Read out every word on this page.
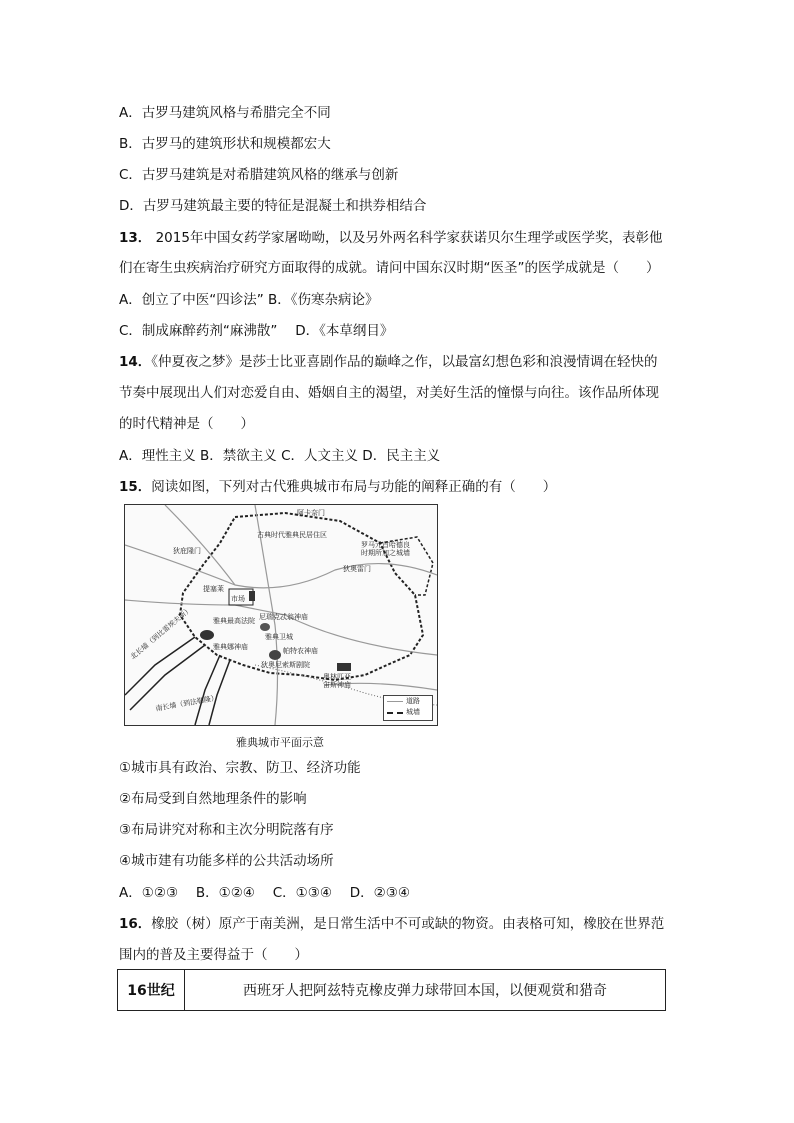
A．古罗马建筑风格与希腊完全不同
B．古罗马的建筑形状和规模都宏大
C．古罗马建筑是对希腊建筑风格的继承与创新
D．古罗马建筑最主要的特征是混凝土和拱券相结合
13． 2015年中国女药学家屠呦呦，以及另外两名科学家获诺贝尔生理学或医学奖，表彰他
们在寄生虫疾病治疗研究方面取得的成就。请问中国东汉时期“医圣”的医学成就是（　　）
A．创立了中医“四诊法” B．《伤寒杂病论》
C．制成麻醉药剂“麻沸散”　 D．《本草纲目》
14．《仲夏夜之梦》是莎士比亚喜剧作品的巅峰之作，以最富幻想色彩和浪漫情调在轻快的
节奏中展现出人们对恋爱自由、婚姻自主的渴望，对美好生活的憧憬与向往。该作品所体现
的时代精神是（　　）
A．理性主义 B．禁欲主义 C．人文主义 D．民主主义
15．阅读如图，下列对古代雅典城市布局与功能的阐释正确的有（　　）
阿卡奈门
古典时代雅典民居住区
罗马元首哈德良
时期所加之城墙
狄庇隆门
狄奥雷门
提塞莱
市场
雅典最高法院 尼瑞克忒翁神庙
雅典卫城
雅典娜神庙	帕特农神庙
狄奥尼索斯剧院
奥林匹亚
宙斯神庙
北长墙（到比雷埃夫斯）
南长墙（到法勒隆）	道路
城墙
雅典城市平面示意
①城市具有政治、宗教、防卫、经济功能
②布局受到自然地理条件的影响
③布局讲究对称和主次分明院落有序
④城市建有功能多样的公共活动场所
A．①②③　 B．①②④　 C．①③④　 D．②③④
16．橡胶（树）原产于南美洲，是日常生活中不可或缺的物资。由表格可知，橡胶在世界范
围内的普及主要得益于（　　）
16世纪	西班牙人把阿兹特克橡皮弹力球带回本国，以便观赏和猎奇
